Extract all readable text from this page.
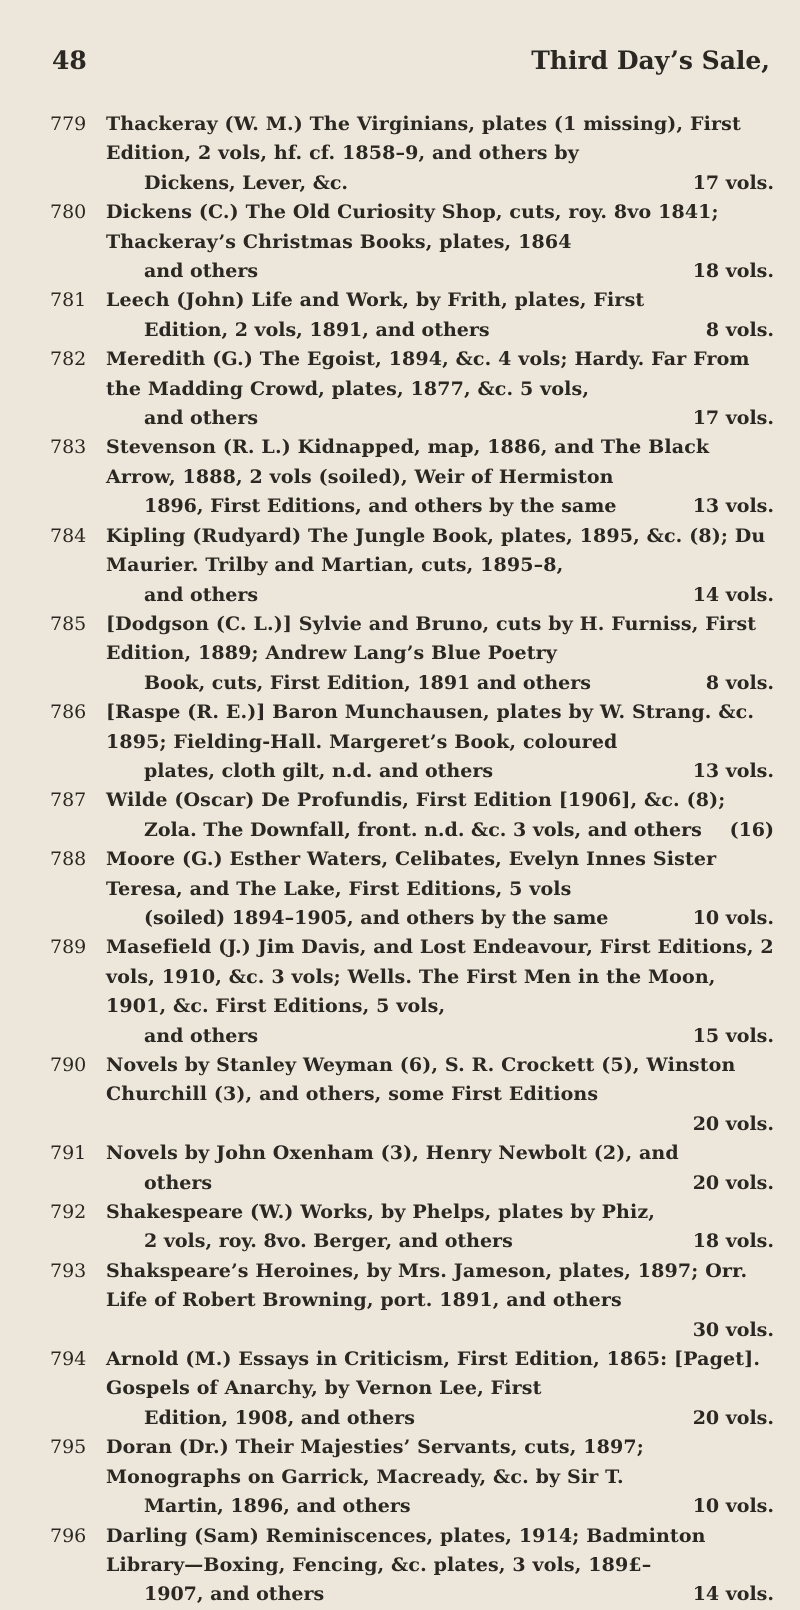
48	Third Day’s Sale,
779	Thackeray (W. M.) The Virginians, plates (1 missing), First Edition, 2 vols, hf. cf. 1858–9, and others by
Dickens, Lever, &c.	17 vols.
780	Dickens (C.) The Old Curiosity Shop, cuts, roy. 8vo 1841; Thackeray’s Christmas Books, plates, 1864
and others	18 vols.
781	Leech (John) Life and Work, by Frith, plates, First
Edition, 2 vols, 1891, and others	8 vols.
782	Meredith (G.) The Egoist, 1894, &c. 4 vols; Hardy. Far From the Madding Crowd, plates, 1877, &c. 5 vols,
and others	17 vols.
783	Stevenson (R. L.) Kidnapped, map, 1886, and The Black Arrow, 1888, 2 vols (soiled), Weir of Hermiston
1896, First Editions, and others by the same	13 vols.
784	Kipling (Rudyard) The Jungle Book, plates, 1895, &c. (8); Du Maurier. Trilby and Martian, cuts, 1895–8,
and others	14 vols.
785	[Dodgson (C. L.)] Sylvie and Bruno, cuts by H. Furniss, First Edition, 1889; Andrew Lang’s Blue Poetry
Book, cuts, First Edition, 1891 and others	8 vols.
786	[Raspe (R. E.)] Baron Munchausen, plates by W. Strang. &c. 1895; Fielding-Hall. Margeret’s Book, coloured
plates, cloth gilt, n.d. and others	13 vols.
787	Wilde (Oscar) De Profundis, First Edition [1906], &c. (8);
Zola. The Downfall, front. n.d. &c. 3 vols, and others (16)
788	Moore (G.) Esther Waters, Celibates, Evelyn Innes Sister Teresa, and The Lake, First Editions, 5 vols
(soiled) 1894–1905, and others by the same	10 vols.
789	Masefield (J.) Jim Davis, and Lost Endeavour, First Editions, 2 vols, 1910, &c. 3 vols; Wells. The First Men in the Moon, 1901, &c. First Editions, 5 vols,
and others	15 vols.
790	Novels by Stanley Weyman (6), S. R. Crockett (5), Winston Churchill (3), and others, some First Editions
20 vols.
791	Novels by John Oxenham (3), Henry Newbolt (2), and
others	20 vols.
792	Shakespeare (W.) Works, by Phelps, plates by Phiz,
2 vols, roy. 8vo. Berger, and others	18 vols.
793	Shakspeare’s Heroines, by Mrs. Jameson, plates, 1897; Orr. Life of Robert Browning, port. 1891, and others
30 vols.
794	Arnold (M.) Essays in Criticism, First Edition, 1865: [Paget]. Gospels of Anarchy, by Vernon Lee, First
Edition, 1908, and others	20 vols.
795	Doran (Dr.) Their Majesties’ Servants, cuts, 1897; Monographs on Garrick, Macready, &c. by Sir T.
Martin, 1896, and others	10 vols.
796	Darling (Sam) Reminiscences, plates, 1914; Badminton Library—Boxing, Fencing, &c. plates, 3 vols, 189£–
1907, and others	14 vols.
